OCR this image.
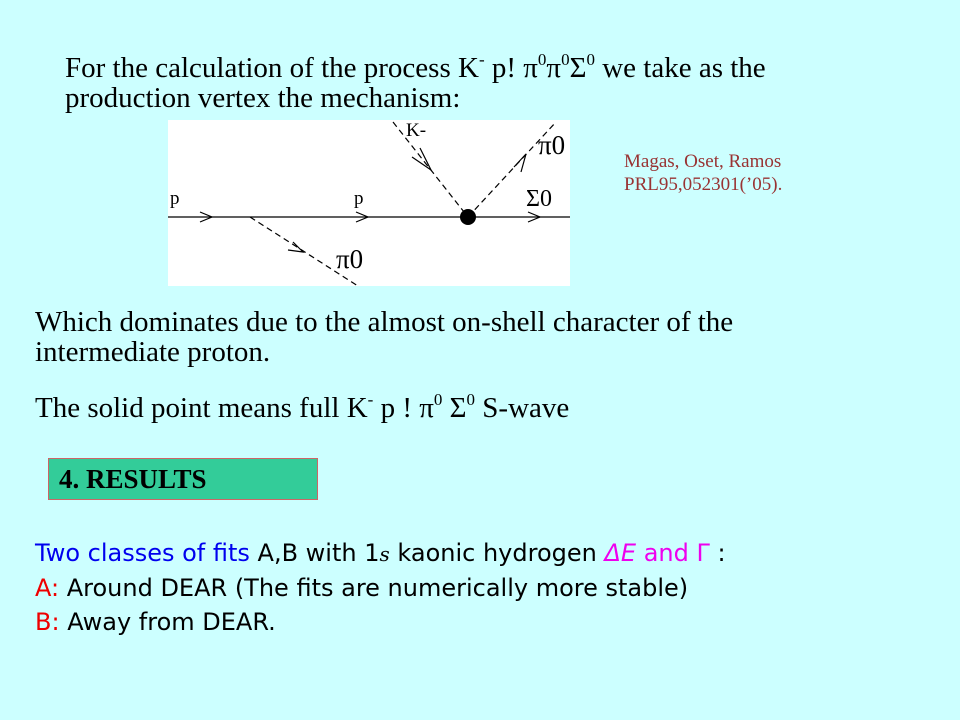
For the calculation of the process K- p! $\pi^0\pi^0\Sigma^0$ we take as the
production vertex the mechanism:
K-	π0
Σ0
p	p
π0
Magas, Oset, Ramos
PRL95,052301(’05).
Which dominates due to the almost on-shell character of the
intermediate proton.
The solid point means full K- p ! $\pi^0$ $\Sigma^0$ S-wave
4. RESULTS
Two classes of fits A,B with 1s kaonic hydrogen ΔE and Γ :
A: Around DEAR (The fits are numerically more stable)
B: Away from DEAR.
